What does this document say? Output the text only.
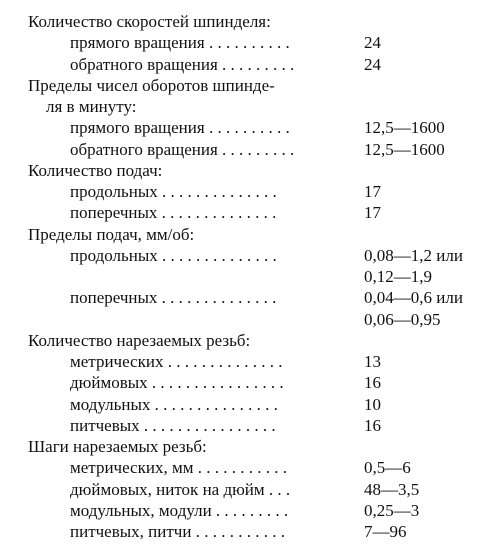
Количество скоростей шпинделя:
прямого вращения . . . . . . . . . .	24
обратного вращения . . . . . . . . .	24
Пределы чисел оборотов шпинде-
ля в минуту:
прямого вращения . . . . . . . . . .	12,5—1600
обратного вращения . . . . . . . . .	12,5—1600
Количество подач:
продольных . . . . . . . . . . . . . .	17
поперечных . . . . . . . . . . . . . .	17
Пределы подач, мм/об:
продольных . . . . . . . . . . . . . .	0,08—1,2 или
0,12—1,9
поперечных . . . . . . . . . . . . . .	0,04—0,6 или
0,06—0,95
Количество нарезаемых резьб:
метрических . . . . . . . . . . . . . .	13
дюймовых . . . . . . . . . . . . . . . .	16
модульных . . . . . . . . . . . . . . .	10
питчевых . . . . . . . . . . . . . . . .	16
Шаги нарезаемых резьб:
метрических, мм . . . . . . . . . . .	0,5—6
дюймовых, ниток на дюйм . . .	48—3,5
модульных, модули . . . . . . . . .	0,25—3
питчевых, питчи . . . . . . . . . . .	7—96
